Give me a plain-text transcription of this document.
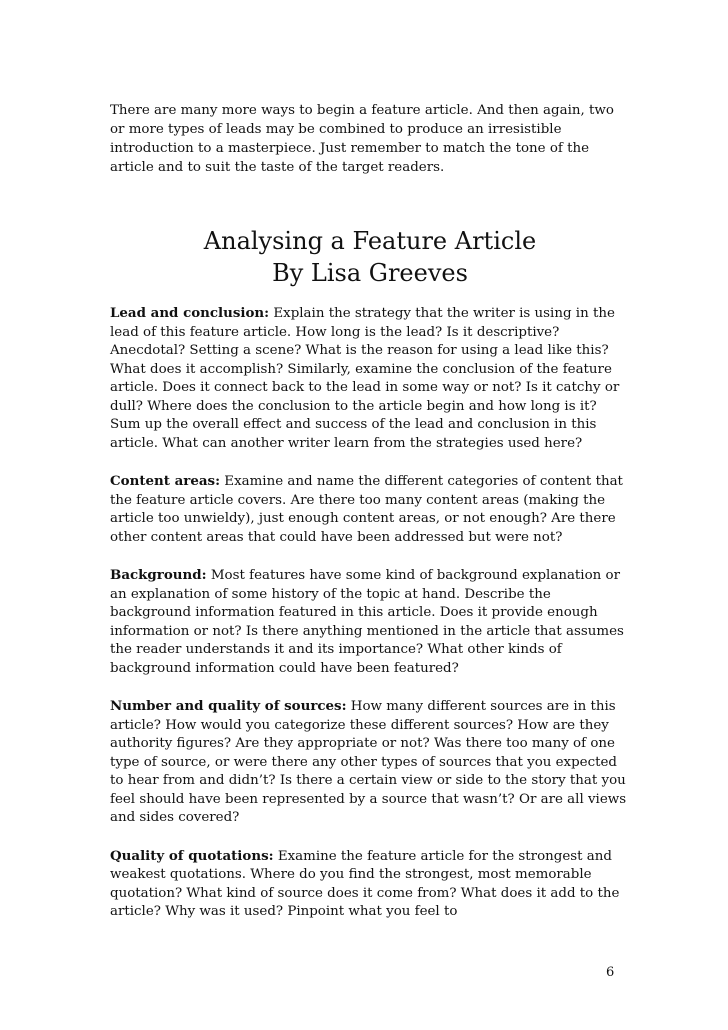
There are many more ways to begin a feature article. And then again, two or more types of leads may be combined to produce an irresistible introduction to a masterpiece. Just remember to match the tone of the article and to suit the taste of the target readers.

Analysing a Feature Article
By Lisa Greeves

Lead and conclusion: Explain the strategy that the writer is using in the lead of this feature article. How long is the lead? Is it descriptive? Anecdotal? Setting a scene? What is the reason for using a lead like this? What does it accomplish? Similarly, examine the conclusion of the feature article. Does it connect back to the lead in some way or not? Is it catchy or dull? Where does the conclusion to the article begin and how long is it? Sum up the overall effect and success of the lead and conclusion in this article. What can another writer learn from the strategies used here?

Content areas: Examine and name the different categories of content that the feature article covers. Are there too many content areas (making the article too unwieldy), just enough content areas, or not enough? Are there other content areas that could have been addressed but were not?

Background: Most features have some kind of background explanation or an explanation of some history of the topic at hand. Describe the background information featured in this article. Does it provide enough information or not? Is there anything mentioned in the article that assumes the reader understands it and its importance? What other kinds of background information could have been featured?

Number and quality of sources: How many different sources are in this article? How would you categorize these different sources? How are they authority figures? Are they appropriate or not? Was there too many of one type of source, or were there any other types of sources that you expected to hear from and didn’t? Is there a certain view or side to the story that you feel should have been represented by a source that wasn’t? Or are all views and sides covered?

Quality of quotations: Examine the feature article for the strongest and weakest quotations. Where do you find the strongest, most memorable quotation? What kind of source does it come from? What does it add to the article? Why was it used? Pinpoint what you feel to

6
